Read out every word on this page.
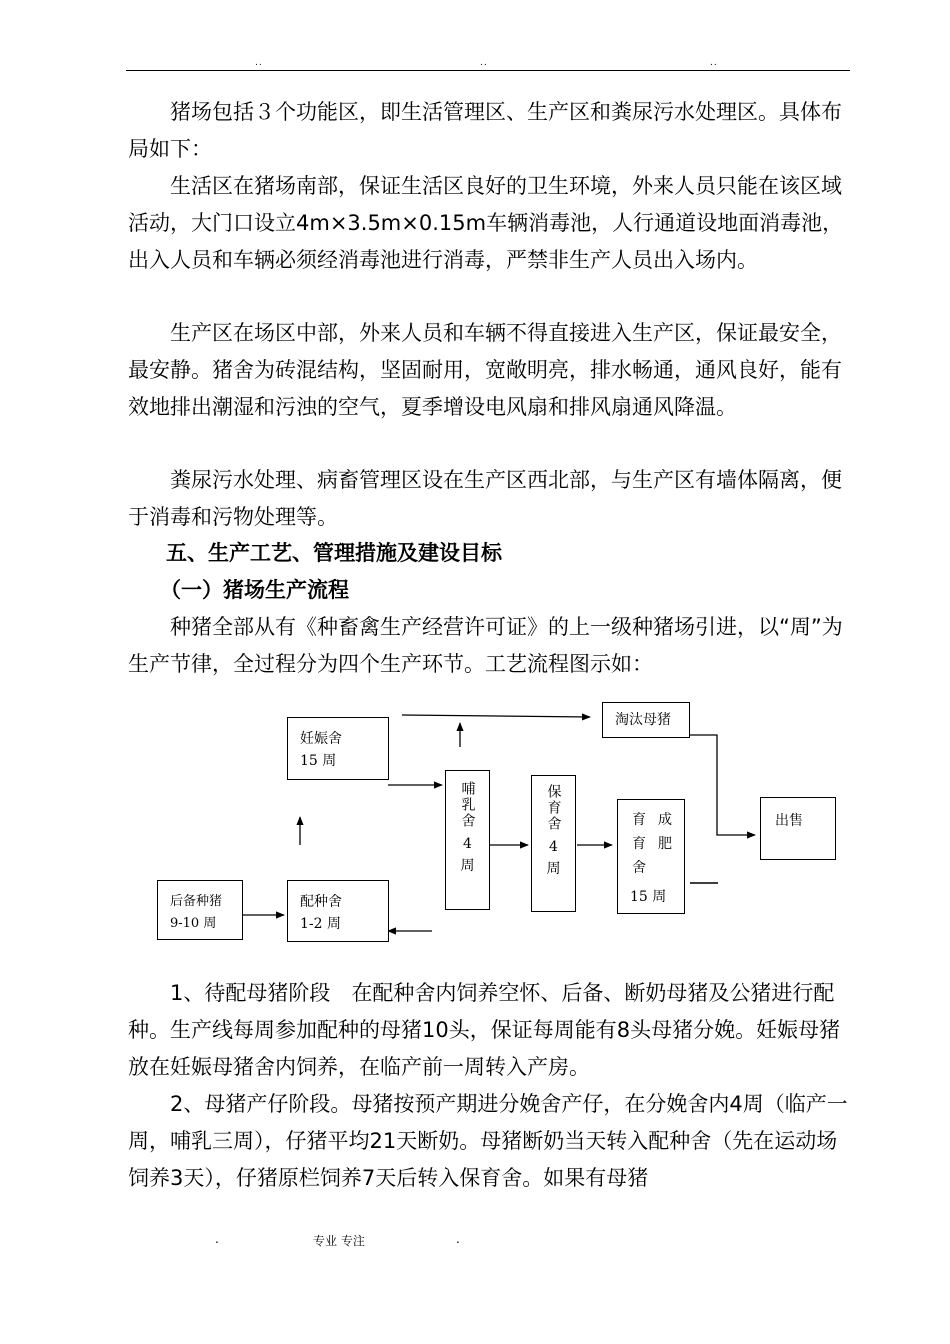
..	..	..

猪场包括３个功能区，即生活管理区、生产区和粪尿污水处理区。具体布局如下：

生活区在猪场南部，保证生活区良好的卫生环境，外来人员只能在该区域活动，大门口设立4m×3.5m×0.15m车辆消毒池，人行通道设地面消毒池，出入人员和车辆必须经消毒池进行消毒，严禁非生产人员出入场内。

生产区在场区中部，外来人员和车辆不得直接进入生产区，保证最安全，最安静。猪舍为砖混结构，坚固耐用，宽敞明亮，排水畅通，通风良好，能有效地排出潮湿和污浊的空气，夏季增设电风扇和排风扇通风降温。

粪尿污水处理、病畜管理区设在生产区西北部，与生产区有墙体隔离，便于消毒和污物处理等。

五、生产工艺、管理措施及建设目标
（一）猪场生产流程

种猪全部从有《种畜禽生产经营许可证》的上一级种猪场引进，以“周”为生产节律，全过程分为四个生产环节。工艺流程图示如：

妊娠舍
15 周
淘汰母猪
哺乳舍
4 周
保育舍
4 周
育育舍
成肥
15 周
出售
后备种猪
9-10 周
配种舍
1-2 周

1、待配母猪阶段　在配种舍内饲养空怀、后备、断奶母猪及公猪进行配种。生产线每周参加配种的母猪10头，保证每周能有8头母猪分娩。妊娠母猪放在妊娠母猪舍内饲养，在临产前一周转入产房。

2、母猪产仔阶段。母猪按预产期进分娩舍产仔，在分娩舍内4周（临产一周，哺乳三周），仔猪平均21天断奶。母猪断奶当天转入配种舍（先在运动场饲养3天），仔猪原栏饲养7天后转入保育舍。如果有母猪

.	专业 专注	.
